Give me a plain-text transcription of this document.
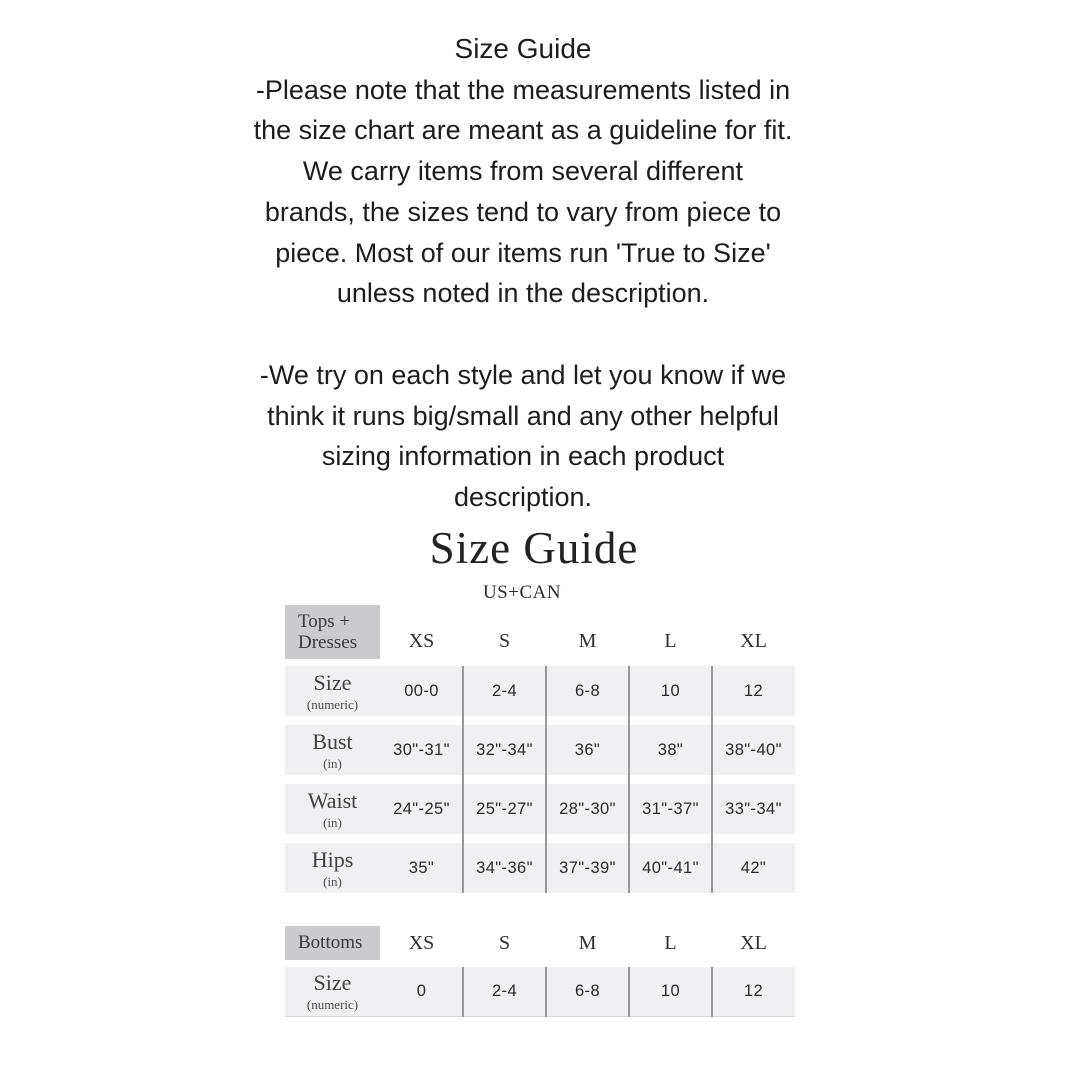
Size Guide
-Please note that the measurements listed in
the size chart are meant as a guideline for fit.
We carry items from several different
brands, the sizes tend to vary from piece to
piece. Most of our items run 'True to Size'
unless noted in the description.
-We try on each style and let you know if we
think it runs big/small and any other helpful
sizing information in each product
description.
Size Guide
US+CAN
Tops +
Dresses	XS	S	M	L	XL
Size
(numeric)
00-0	2-4	6-8	10	12
Bust
(in)
30"-31"	32"-34"	36"	38"	38"-40"
Waist
(in)
24"-25"	25"-27"	28"-30"	31"-37"	33"-34"
Hips
(in)
35"	34"-36"	37"-39"	40"-41"	42"
Bottoms	XS	S	M	L	XL
Size
(numeric)
0	2-4	6-8	10	12
